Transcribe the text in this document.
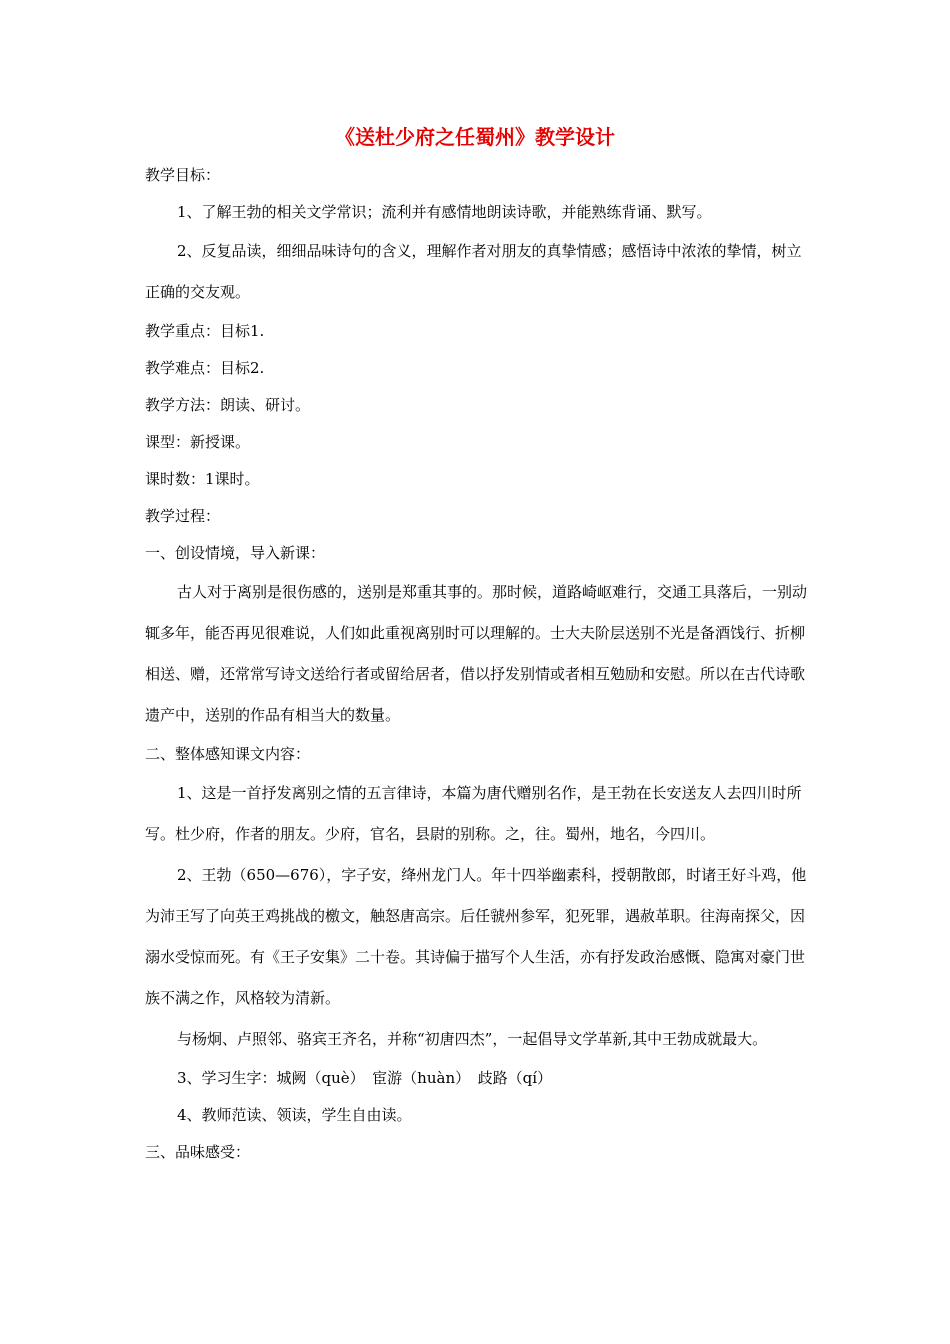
《送杜少府之任蜀州》教学设计

教学目标：

1、了解王勃的相关文学常识；流利并有感情地朗读诗歌，并能熟练背诵、默写。

2、反复品读，细细品味诗句的含义，理解作者对朋友的真挚情感；感悟诗中浓浓的挚情，树立正确的交友观。

教学重点：目标1.

教学难点：目标2.

教学方法：朗读、研讨。

课型：新授课。

课时数：1课时。

教学过程：

一、创设情境，导入新课：

古人对于离别是很伤感的，送别是郑重其事的。那时候，道路崎岖难行，交通工具落后，一别动辄多年，能否再见很难说，人们如此重视离别时可以理解的。士大夫阶层送别不光是备酒饯行、折柳相送、赠，还常常写诗文送给行者或留给居者，借以抒发别情或者相互勉励和安慰。所以在古代诗歌遗产中，送别的作品有相当大的数量。

二、整体感知课文内容：

1、这是一首抒发离别之情的五言律诗，本篇为唐代赠别名作，是王勃在长安送友人去四川时所写。杜少府，作者的朋友。少府，官名，县尉的别称。之，往。蜀州，地名，今四川。

2、王勃（650—676），字子安，绛州龙门人。年十四举幽素科，授朝散郎，时诸王好斗鸡，他为沛王写了向英王鸡挑战的檄文，触怒唐高宗。后任虢州参军，犯死罪，遇赦革职。往海南探父，因溺水受惊而死。有《王子安集》二十卷。其诗偏于描写个人生活，亦有抒发政治感慨、隐寓对豪门世族不满之作，风格较为清新。

与杨炯、卢照邻、骆宾王齐名，并称“初唐四杰”，一起倡导文学革新,其中王勃成就最大。

3、学习生字：城阙（què）　宦游（huàn）　歧路（qí）

4、教师范读、领读，学生自由读。

三、品味感受：
